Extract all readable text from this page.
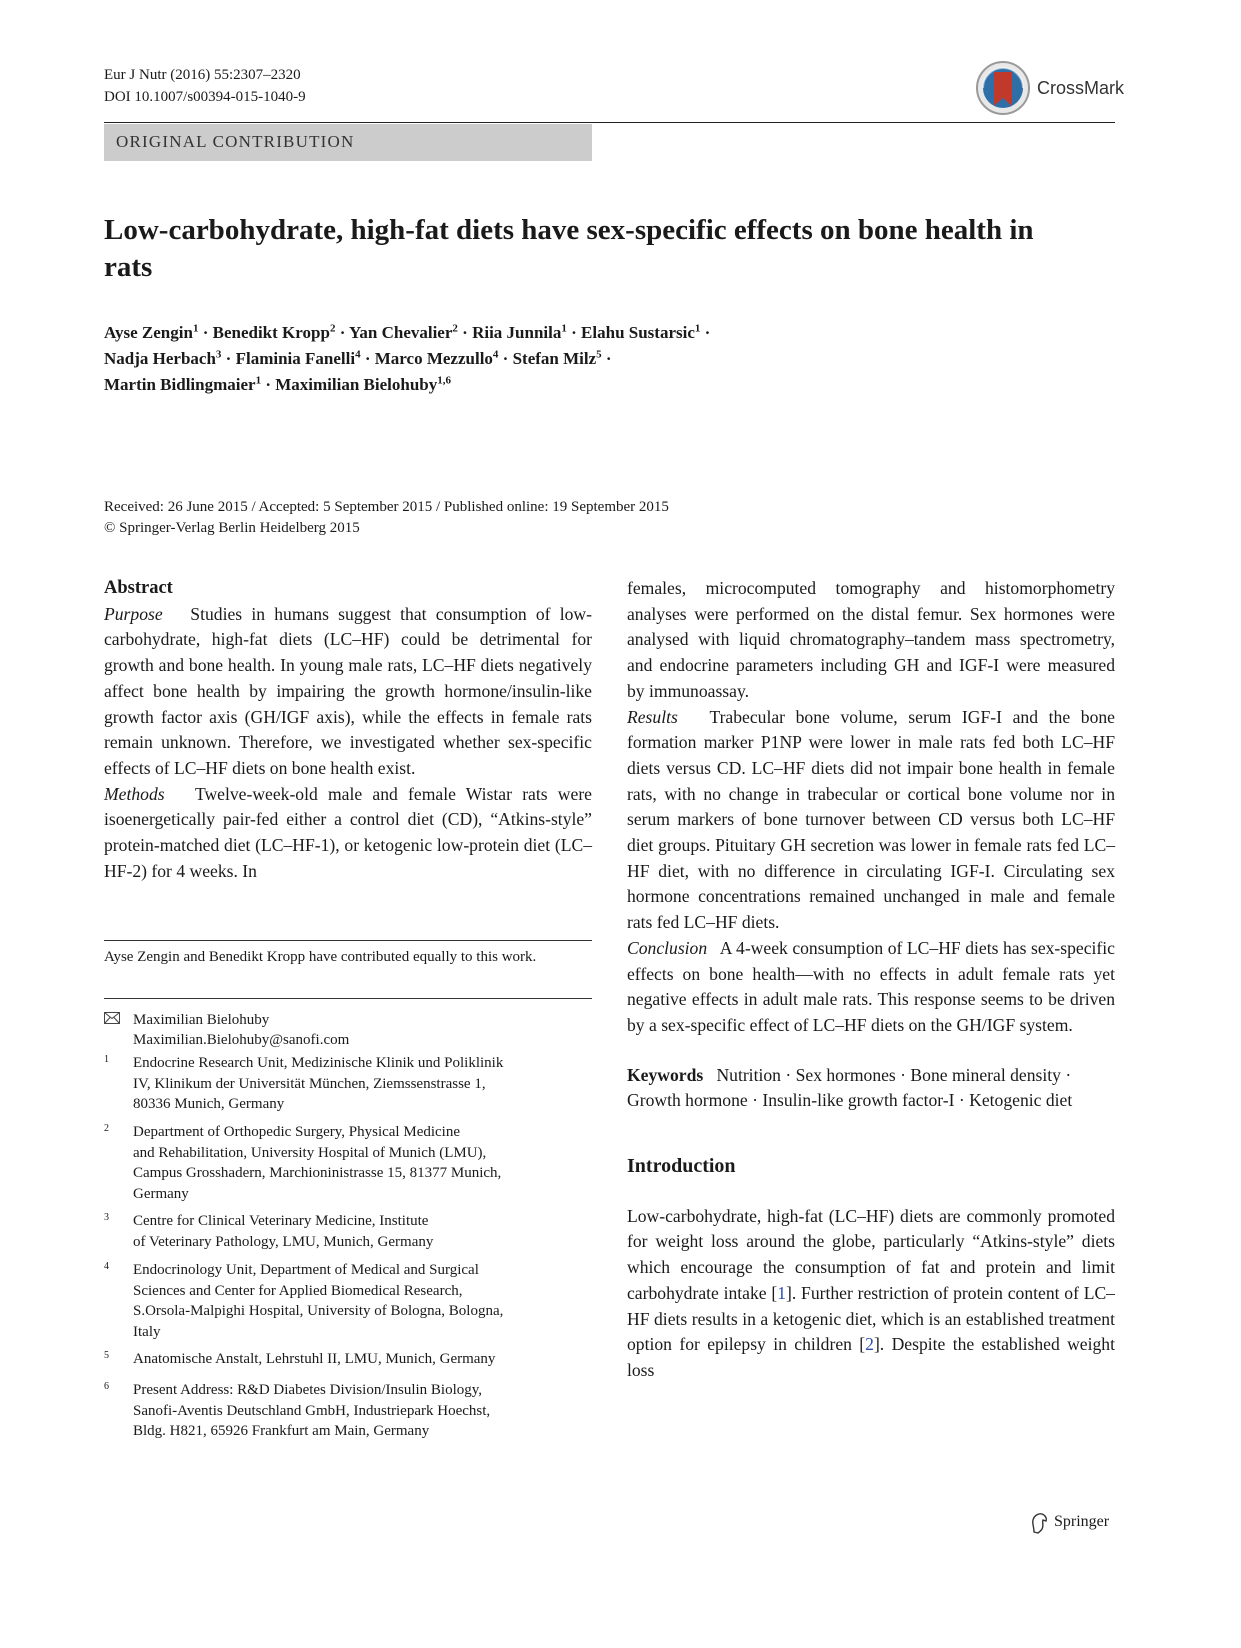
Eur J Nutr (2016) 55:2307–2320
DOI 10.1007/s00394-015-1040-9	CrossMark
ORIGINAL CONTRIBUTION
Low-carbohydrate, high-fat diets have sex-specific effects on bone health in rats
Ayse Zengin$^1$ · Benedikt Kropp$^2$ · Yan Chevalier$^2$ · Riia Junnila$^1$ · Elahu Sustarsic$^1$ ·
Nadja Herbach$^3$ · Flaminia Fanelli$^4$ · Marco Mezzullo$^4$ · Stefan Milz$^5$ ·
Martin Bidlingmaier$^1$ · Maximilian Bielohuby$^{1,6}$
Received: 26 June 2015 / Accepted: 5 September 2015 / Published online: 19 September 2015
© Springer-Verlag Berlin Heidelberg 2015

Abstract

Purpose Studies in humans suggest that consumption of low-carbohydrate, high-fat diets (LC–HF) could be detrimental for growth and bone health. In young male rats, LC–HF diets negatively affect bone health by impairing the growth hormone/insulin-like growth factor axis (GH/IGF axis), while the effects in female rats remain unknown. Therefore, we investigated whether sex-specific effects of LC–HF diets on bone health exist.

Methods Twelve-week-old male and female Wistar rats were isoenergetically pair-fed either a control diet (CD), “Atkins-style” protein-matched diet (LC–HF-1), or ketogenic low-protein diet (LC–HF-2) for 4 weeks. In

Ayse Zengin and Benedikt Kropp have contributed equally to this work.
Maximilian Bielohuby
Maximilian.Bielohuby@sanofi.com
1 Endocrine Research Unit, Medizinische Klinik und Poliklinik
IV, Klinikum der Universität München, Ziemssenstrasse 1,
80336 Munich, Germany
2 Department of Orthopedic Surgery, Physical Medicine
and Rehabilitation, University Hospital of Munich (LMU),
Campus Grosshadern, Marchioninistrasse 15, 81377 Munich,
Germany
3 Centre for Clinical Veterinary Medicine, Institute
of Veterinary Pathology, LMU, Munich, Germany
4 Endocrinology Unit, Department of Medical and Surgical
Sciences and Center for Applied Biomedical Research,
S.Orsola-Malpighi Hospital, University of Bologna, Bologna,
Italy
5 Anatomische Anstalt, Lehrstuhl II, LMU, Munich, Germany
6 Present Address: R&D Diabetes Division/Insulin Biology,
Sanofi-Aventis Deutschland GmbH, Industriepark Hoechst,
Bldg. H821, 65926 Frankfurt am Main, Germany

females, microcomputed tomography and histomorphometry analyses were performed on the distal femur. Sex hormones were analysed with liquid chromatography–tandem mass spectrometry, and endocrine parameters including GH and IGF-I were measured by immunoassay.

Results Trabecular bone volume, serum IGF-I and the bone formation marker P1NP were lower in male rats fed both LC–HF diets versus CD. LC–HF diets did not impair bone health in female rats, with no change in trabecular or cortical bone volume nor in serum markers of bone turnover between CD versus both LC–HF diet groups. Pituitary GH secretion was lower in female rats fed LC–HF diet, with no difference in circulating IGF-I. Circulating sex hormone concentrations remained unchanged in male and female rats fed LC–HF diets.

Conclusion A 4-week consumption of LC–HF diets has sex-specific effects on bone health—with no effects in adult female rats yet negative effects in adult male rats. This response seems to be driven by a sex-specific effect of LC–HF diets on the GH/IGF system.

Keywords Nutrition · Sex hormones · Bone mineral density · Growth hormone · Insulin-like growth factor-I · Ketogenic diet

Introduction

Low-carbohydrate, high-fat (LC–HF) diets are commonly promoted for weight loss around the globe, particularly “Atkins-style” diets which encourage the consumption of fat and protein and limit carbohydrate intake [1]. Further restriction of protein content of LC–HF diets results in a ketogenic diet, which is an established treatment option for epilepsy in children [2]. Despite the established weight loss

Springer
